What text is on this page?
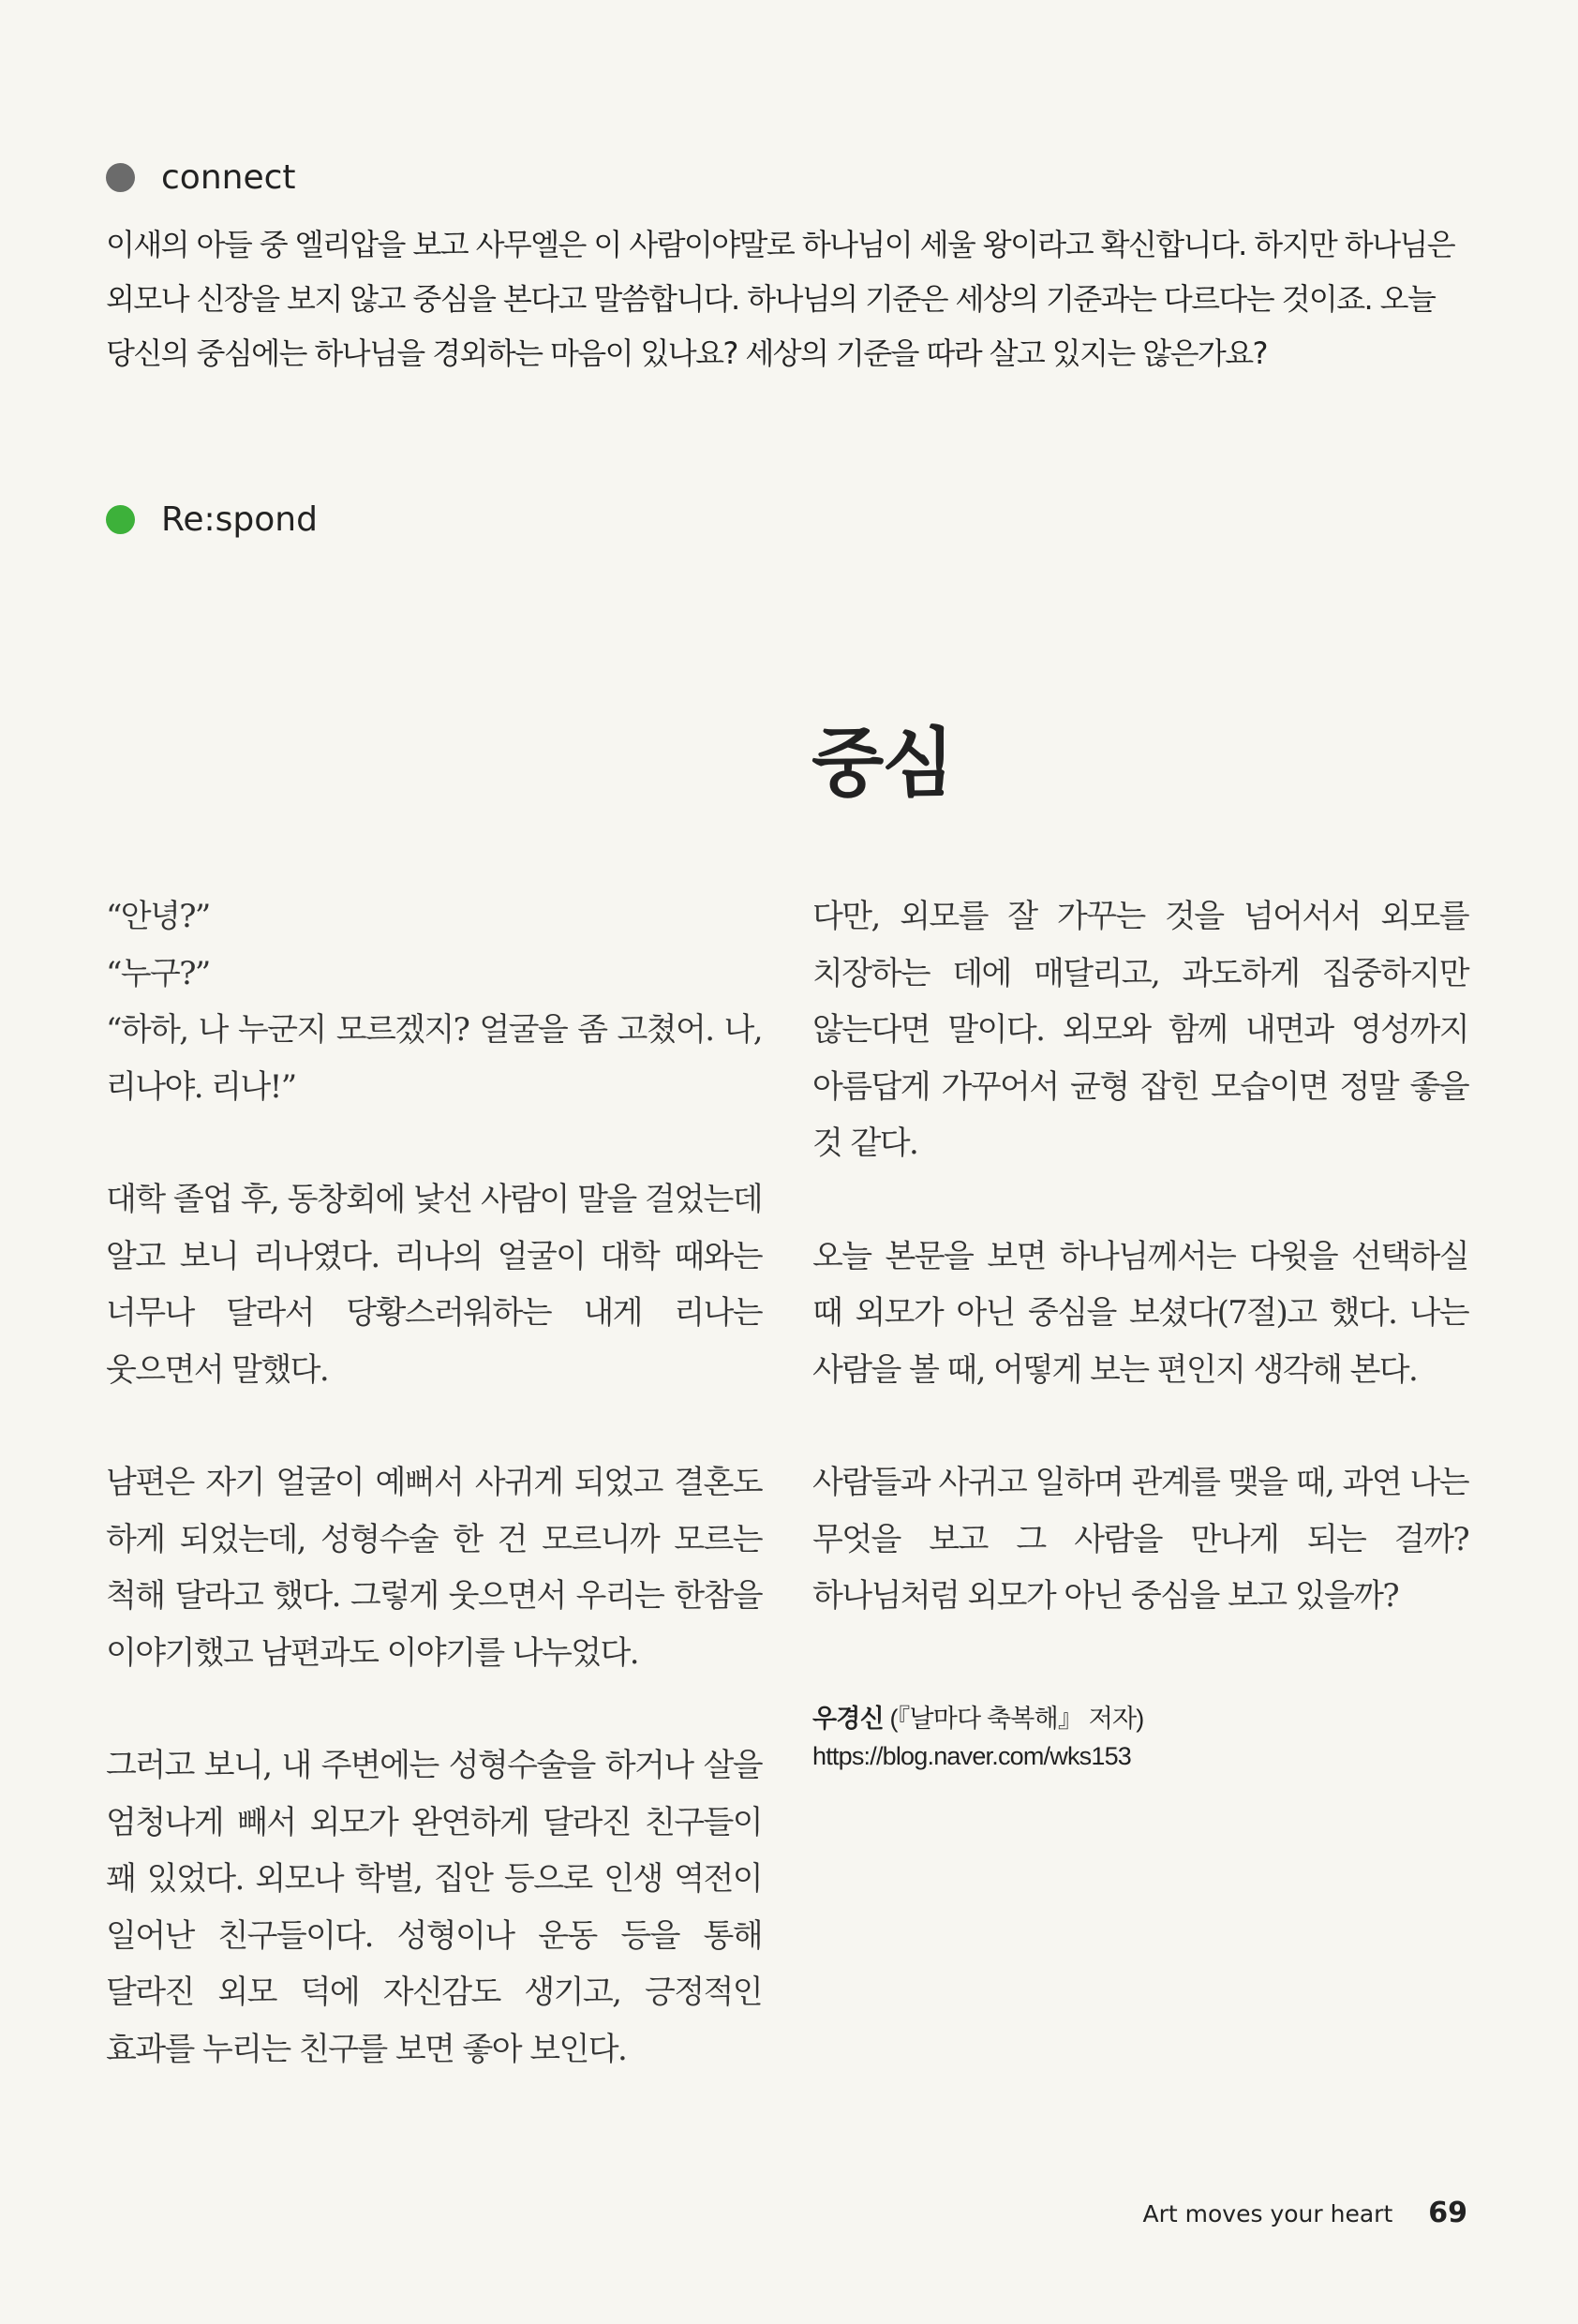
connect

이새의 아들 중 엘리압을 보고 사무엘은 이 사람이야말로 하나님이 세울 왕이라고 확신합니다. 하지만 하나님은 외모나 신장을 보지 않고 중심을 본다고 말씀합니다. 하나님의 기준은 세상의 기준과는 다르다는 것이죠. 오늘 당신의 중심에는 하나님을 경외하는 마음이 있나요? 세상의 기준을 따라 살고 있지는 않은가요?

Re:spond
중심

“안녕?”
“누구?”
“하하, 나 누군지 모르겠지? 얼굴을 좀 고쳤어. 나, 리나야. 리나!”

대학 졸업 후, 동창회에 낯선 사람이 말을 걸었는데 알고 보니 리나였다. 리나의 얼굴이 대학 때와는 너무나 달라서 당황스러워하는 내게 리나는 웃으면서 말했다.

남편은 자기 얼굴이 예뻐서 사귀게 되었고 결혼도 하게 되었는데, 성형수술 한 건 모르니까 모르는 척해 달라고 했다. 그렇게 웃으면서 우리는 한참을 이야기했고 남편과도 이야기를 나누었다.

그러고 보니, 내 주변에는 성형수술을 하거나 살을 엄청나게 빼서 외모가 완연하게 달라진 친구들이 꽤 있었다. 외모나 학벌, 집안 등으로 인생 역전이 일어난 친구들이다. 성형이나 운동 등을 통해 달라진 외모 덕에 자신감도 생기고, 긍정적인 효과를 누리는 친구를 보면 좋아 보인다.

다만, 외모를 잘 가꾸는 것을 넘어서서 외모를 치장하는 데에 매달리고, 과도하게 집중하지만 않는다면 말이다. 외모와 함께 내면과 영성까지 아름답게 가꾸어서 균형 잡힌 모습이면 정말 좋을 것 같다.

오늘 본문을 보면 하나님께서는 다윗을 선택하실 때 외모가 아닌 중심을 보셨다(7절)고 했다. 나는 사람을 볼 때, 어떻게 보는 편인지 생각해 본다.

사람들과 사귀고 일하며 관계를 맺을 때, 과연 나는 무엇을 보고 그 사람을 만나게 되는 걸까? 하나님처럼 외모가 아닌 중심을 보고 있을까?

우경신 (『날마다 축복해』 저자)
https://blog.naver.com/wks153
Art moves your heart 69
